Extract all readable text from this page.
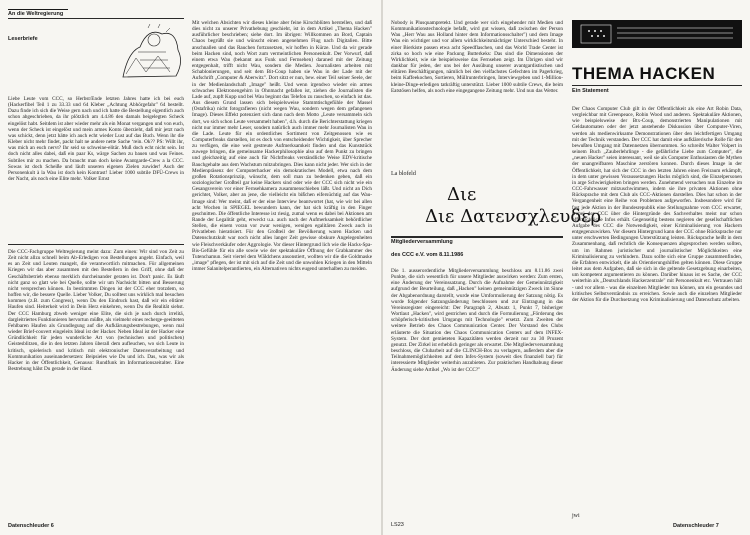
An die Weltregierung
Leserbriefe

Liebe Leute vom CCC, so Herbst/Ende letzten Jahres hatte ich bei euch (Hackerfibel Teil 1 zu 33.33 und 64 Kleber „Achtung Abhörgefahr" 64 bestellt. Dazu finde ich sich die Weise gern nach und ich hatte die Bestellung eigentlich auch schon abgeschrieben, da ihr plötzlich am 4.4.86 den damals beigelegten Scheck eingelöst habt. Seitdem ist aber wieder mehr als ein Monat vergangen und von euch, wenn der Scheck ist eingelöst und mein armes Konto überzieht, daß mir jetzt nach was schickt, denn jetzt hätte ich auch echt wieder Lust auf das Buch. Wenn ihr die Kleber nicht mehr findet, packt halt ne andere nette Sache ‘rein. Ok?? PS: Willt ihr, was mich an euch nervt? Ihr seid so schweine-elitär. Muß doch echt nicht sein. Ist doch nicht alles dabei, daß ein paar Ks, wärge Sachen zu bauen und was Feines. Subtiles mir zu machen. Da braucht man doch keine Avantgarde-Crew a la CCC. Sowas ist doch Scheiße und läuft unseren eigenen Zielen zuwider! Auch der Personenkult à la Wau ist doch kein Kontrast! Lieber 1000 subtile DFÜ-Crews in der Nacht, als noch eine Elite mehr. Volker Ernst

Die CCC-Fachgruppe Weltregierung meint dazu: Zum einen: Wir sind von Zeit zu Zeit nicht allzu schnell beim Ab-Erledigen von Bestellungen angeht. Einfach, weil es an Zeit und Leuten mangelt, die verantwortlich mitmachen. Für allgemeinen Kriegen wir das aber zusammen mit den Bestellern in den Griff, ohne daß der Geschäftsbetrieb ebenso merklich durcheinander geraten ist. Don't panic. Es läuft nicht ganz so glatt wie bei Quelle, sollte wir um Nachsicht bitten und Besserung nicht versprechen können. In bestimmten Dingen ist der CCC eher trotzdem, so hoffen wir, die bessere Quelle. Lieber Volker, Du solltest uns wirklich mal besuchen kommen (z.B. zum Congress), wenn Du den Eindruck hast, daß wir ein elitärer Haufen sind. Heiterkeit wird in Dein Herz einkehren, wenn Du die Realität siehst. Der CCC Hamburg zbweb weniger eine Elite, die sich je nach durch irrelitä, dargleitriertes Funktionieren hervortun müßte, als vielmehr eines recherge-geeitteten Fehlbaren Haufen als Grundlegung auf die Aufklärungsbestrebungen, wenn mal wieder Brief-couvert eingeleits Ideal ist der Hacker. Neben Ideal ist der Hacker eine Gründlichkeit für jeden wunderliche Art von (technischen und politischen) Geistesblitzen, die in den letzten Jahren überall dem aufleuchen, wo sich Leute in kritisch, spielerisch und kritisch mit elektronischer Datenverarbeitung und Kommunikation auseinandersetzen: Beipsieles wie Du und ich. Das, was wir als Hacker in der Öffentlichkeit, Genauso: Rundfunk im Informationszeitalter. Eine Bestrebung hälst Du gerade in der Hand.

Mit welchen Absichten wir dieses kleine aber feine Kirschblüten herstellen, und daß dies nicht zu unserer Privathebung geschieht, ist in dem Artikel „Thema Hacken" ausführlicher beschrieben; siehe dort. Im übrigen: Willkommen an Bord, Captain Chaos begrüßt sie und wünscht einen angenehmen Flug nach Digitalien. Bitte anschnallen und das Rauchen fortzusetzen, wir hoffen in Kürze. Und da wir gerade beim Hacken sind, noch Wort zum vermeintlichen Personenkult. Der Vorwurf, daß einem etwa Wau (bekannt aus Funk und Fernsehen) daraned mit der Zeitung entgegenhalt, trifft nicht Wau, sondern die Medien. Journalisten arbeiten mit Schablonierungen, und seit dem Bit-Coup haben sie Wau in der Lade mit der Aufschrift „Computer & Aberwitz". Dort sitzt er nun, bew. einer Teil seiner Seele, der in der Medienlandschaft „Image" heißt. Und wenn irgendwo wieder ein armes schwaches Elektronengehirn in Ohnmacht gefallen ist, ziehen die Journalisten die Lade auf, zupft Kupp und bei Wau beginnt das Telefon zu rauschen, so einfach ist das. Aus diesem Grund lassen sich beispielsweise Stammtischgefühle der Massel (Ostafrika) nicht fotografieren (nicht wegen Wau, sondern wegen dem gefangenen Image). Dieses Effekt potenziert sich dann nach dem Motto „Leute versammeln sich dort, wo sich schon Leute versammelt haben", d.h. durch die Berichterstattung kriegen nicht nur immer mehr Leser, sondern natürlich auch immer mehr Journalisten Wau in die Lade. Leute für ein ordentliches Sortiment von Zeitgenossen wie es Computerfreaks darstellen, ist es doch von entscheidender Wichtigkeit, über Sprecher zu verfügen, die eine weit gestreute Aufmerksamkeit finden und das Kunststück zuwege bringen, die gemeinsame Hackerphilosophie also auf dem Punkt zu bringen und gleichzeitig auf eine auch für Nichtfreaks verständliche Weise EDV-kritische Bauchgehalte aus dem Wachstum mitzubringen. Dies kann nicht jeder. Wer sich in der Medienpräsenz der Computerhacker ein demokratisches Modell, etwa nach dem großen Rotationsprinzip, wünscht, dem soll man zu bedenken geben, daß ein soziologischer Großteil gar keine Hackers sind oder wie der CCC sich nicht wie ein Gesangsverein vor einer Fernsehkamera zusammenschieben läßt. Und nicht an Dich gerichtet, Volker, aber an jene, die vielleicht ein bißchen eifersüchtig auf das Wau-Image sind: Wer meint, daß er der eine Interview beantwortet (hat, wie wir bei allen acht Wochen in SPIEGEL bewundern kann, der hat sich kräftig in den Finger geschnitten. Die öffentliche Interesse ist riesig, zumal wenn es dabei bei Aktionen am Rande der Legalität geht, erweckt u.a. auch nach der Aufmerksamkeit behördlicher Stellen, die einem voran vor zwar wenigen, wenigen egalitären Zweck auch in Privatleben hieratisiert. Für den Großteil der Bevölkerung waren Hacken und Datenschutzkult war noch nicht alles langer Zeit gewisse obskure Angelegenheiten wie Fleischverkäufer oder Aggrologie. Vor dieser Hintergrund lich wie die Hacks-Spa-Bis-Gefühle für ein alle sowie wie der spektakuläre Öffnung der Grabkammer des Tutenchamun. Seit viertel dem Wäldchens ansonstiert, wollten wir die die Goldmaske „image" pflegen, der ist mit sich auf die Zeit und die unwohlen Kriegen in den Mitteln immer Salanitelperantlierten, ein Alternativen nichts eugend unterhalben zu meiden.

Datenschleuder 6

Nobody is Plusquampretekt. Und gerade wer sich eingehender mit Medien und Kommunikationstechnologie befaßt, wird gut wissen, daß zwischen der Person Wau „Herr Wau aus Holland hinter dem Informationsschalter") und dem Image Wau ein wichtiger und vor allem wirklichkeitsmächtiger Unterschied besteht. In einer Bierkiste passen etwa acht Speedflaschen, und das World Trade Center ist zirka so hoch wie eine Packung Butterkeks: Das sind die Dimensionen der Wirklichkeit, wie sie beispielsweise das Fernsehen zeigt. Im Übrigen sind wir dankbar für jeden, der uns bei der Ausübung unserer avantgardistischen und elitären Beschäftigungen, nämlich bei den vielfachstes Gefechten im Pagerkrieg, beim Kaffeekochen, Sortieren, Müllrunterbringen, Interviewgeben und 1-Million-kleine-Dinge-erledigen tatkräftig unterstützt. Lieber 1000 subtile Crews, die beim Eatstösen helfen, als noch eine eingegangene Zeitung mehr. Und nun das Wetter.

La blofeld
Διε
Διε Δατενσχλευδερ
Mitgliederversammlung
des CCC e.V. vom 8.11.1986

Die 1. ausserordentliche Mitgliederversammlung beschloss am 8.11.86 zwei Punkte, die sich wesentlich für unsere Mitglieder auswirken werden: Zum ersten, eine Änderung der Vereinssatzung. Durch die Aufnahme der Gemeinnützigkeit aufgrund der Beurteilung, daß „Hacken" keinen gemeinnützigen Zweck im Sinne der Abgabenordnung darstellt, wurde eine Umformulierung der Satzung nötig. Es wurde folgender Satzungsänderung beschlossen und zur Eintragung in das Vereinsregister eingereicht: Der Paragraph 2, Absatz 1, Punkt 7, bisheriger Wortlaut „Hacken", wird gestrichen und durch die Formulierung „Förderung des schöpferisch-kritischen Umgangs mit Technologie" ersetzt. Zum Zweiten der weitere Betrieb des Chaos Communication Center. Der Vorstand des Clubs erläuterte die Situation des Chaos Communication Centers auf dem INFEX-System. Der dort gemieteten Kapazitäten werden derzeit nur zu 30 Prozent genutzt. Der Zirkel ist erheblich geringer als erwartet. Die Mitgliederversammlung beschloss, die Clubarbeit auf die CLINCH-Box zu verlagern, außerdem aber die Teilnahmemöglichkeiten auf dem Infex-System (soweit dies finanziell bar) für interessierte Mitglieder weiterhin anzubieten. Zur praktischen Handhabung dieser Änderung siehe Artikel „Wo ist der CCC?"

LS23
THEMA HACKEN
Ein Statement

Der Chaos Computer Club gilt in der Öffentlichkeit als eine Art Robin Data, vergleichbar mit Greenpeace, Robin Wood und anderen. Spektakuläre Aktionen, wie beispielsweise der Btx-Coup, demonstrierten Manipulationen mit Geldautomaten oder der jetzt anstehende Diskussion über Computer-Viren, werden als medienwirksame Demonstrationen über den leichtfertigen Umgang mit der Technik verstanden. Der CCC hat damit eine aufklärerische Rolle für den bewußten Umgang mit Datennetzen übernommen. So schreibt Walter Volpert in seinem Buch „Zauberlehrlinge - die gefährliche Liebe zum Computer", die „neuen Hacker" seien interessant, weil sie als Computer Enthusiasten die Mythen der unangreifbaren Maschine zerstören konnen. Durch dieses Image in der Öffentlichkeit, hat sich der CCC in den letzten Jahren einen Freiraum erkämpft, in dem unter gewissen Voraussetzungen Hacks möglich sind, die Einzelpersonen in arge Schwierigkeiten bringen werden. Zunehmend versuchen nun Einzelne im CCC-Fahrwasser mitzuschwimmen, indem sie ihre privaten Aktionen ohne Rücksprache mit dem Club als CCC-Aktionen darstellen. Dies hat schon in der Vergangenheit eine Reihe von Problemen aufgeworfen. Insbesondere wird für fast jede Aktion in der Bundesrepublik eine Stellungnahme vom CCC erwartet, wobei der CCC über die Hintergründe des Sachverhaltes meist nur schon offensichtliche Infos erhält. Gegenseitig bestens negieren der gesellschaftlichen Aufgabe des CCC die Notwendigkeit, einer Kriminalisierung von Hackern entgegenzuwirken. Vor diesem Hintergrund kann der CCC ohne Rücksprache nur unter erschwerten Bedingungen Unterstützung leisten. Rücksprache heißt in dem Zusammenhang, daß rechtlich die Konsequenzen abgesprochen werden sollten, um im Rahmen juristischer und journalistischer Möglichkeiten eine Kriminalisierung zu verhindern. Dazu sollte sich eine Gruppe zusammenfinden, die Erfahren entwickelt, die als Orientierungshilfen gelten können. Diese Gruppe leitet aus dem Aufgaben, daß sie sich in die geltende Gesetzgebung einarbeiten, um kompetent argumentieren zu können. Darüber hinaus ist es Sache, der CCC weiterhin als „Deutschlands Hackerzentrale" mit Personenkult etc. Vertrauen hält - und vor allem - was die einzelnen Mitglieder tun können, um ein gesundes und kritisches Selbstverständnis zu erreichen. Sowie auch die einzelnen Mitglieder der Aktion für die Durchsetzung von Kriminalisierung und Datenschutz arbeiten.

jwi
Datenschleuder 7
